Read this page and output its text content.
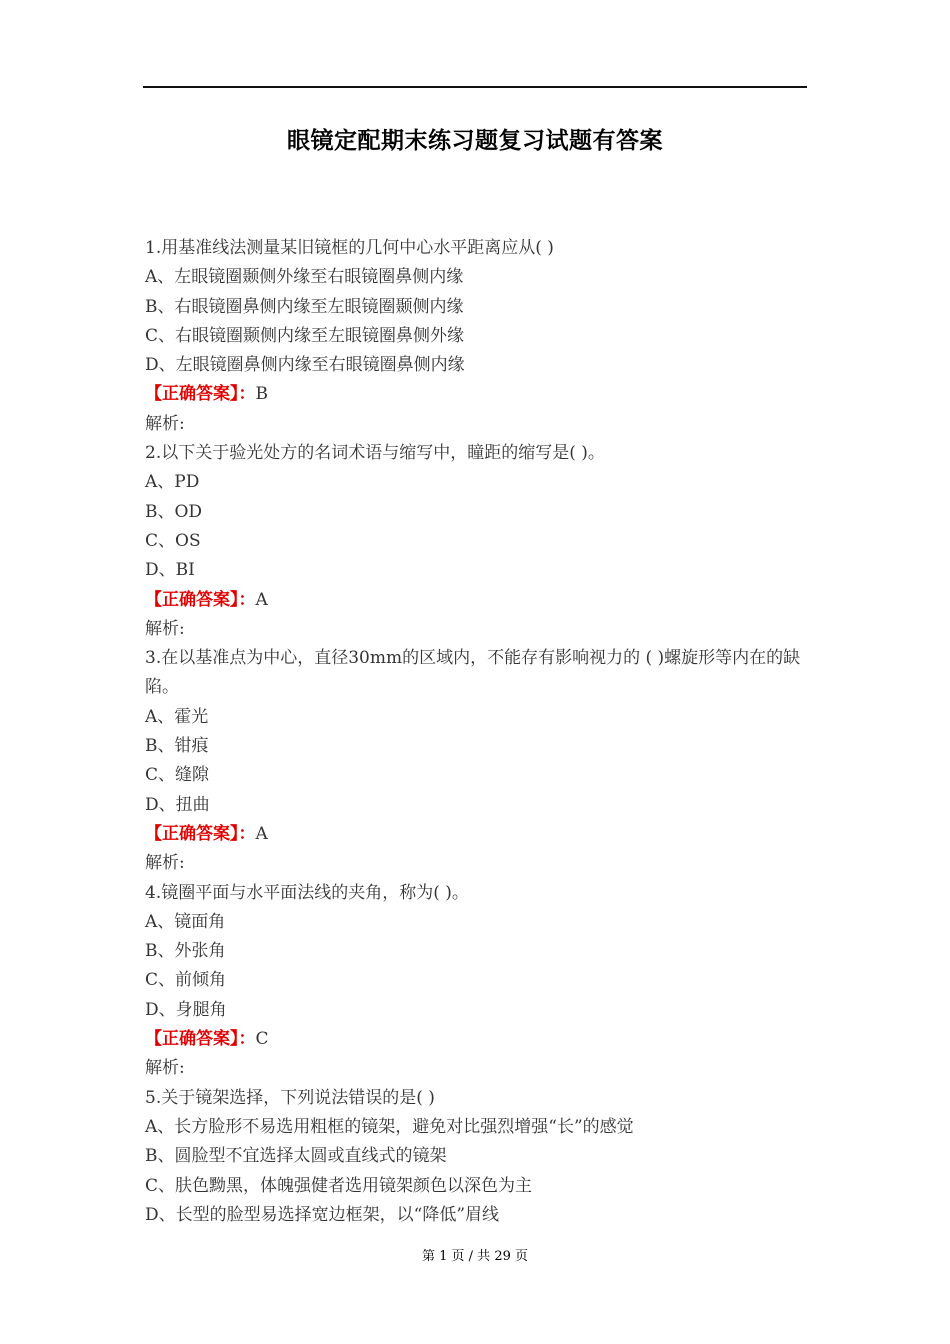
眼镜定配期末练习题复习试题有答案
1.用基准线法测量某旧镜框的几何中心水平距离应从( )
A、左眼镜圈颞侧外缘至右眼镜圈鼻侧内缘
B、右眼镜圈鼻侧内缘至左眼镜圈颞侧内缘
C、右眼镜圈颞侧内缘至左眼镜圈鼻侧外缘
D、左眼镜圈鼻侧内缘至右眼镜圈鼻侧内缘
【正确答案】：B
解析:
2.以下关于验光处方的名词术语与缩写中，瞳距的缩写是( )。
A、PD
B、OD
C、OS
D、BI
【正确答案】：A
解析:
3.在以基准点为中心，直径30mm的区域内，不能存有影响视力的 ( )螺旋形等内在的缺陷。
A、霍光
B、钳痕
C、缝隙
D、扭曲
【正确答案】：A
解析:
4.镜圈平面与水平面法线的夹角，称为( )。
A、镜面角
B、外张角
C、前倾角
D、身腿角
【正确答案】：C
解析:
5.关于镜架选择，下列说法错误的是( )
A、长方脸形不易选用粗框的镜架，避免对比强烈增强“长”的感觉
B、圆脸型不宜选择太圆或直线式的镜架
C、肤色黝黑，体魄强健者选用镜架颜色以深色为主
D、长型的脸型易选择宽边框架，以“降低”眉线
第 1 页 / 共 29 页
